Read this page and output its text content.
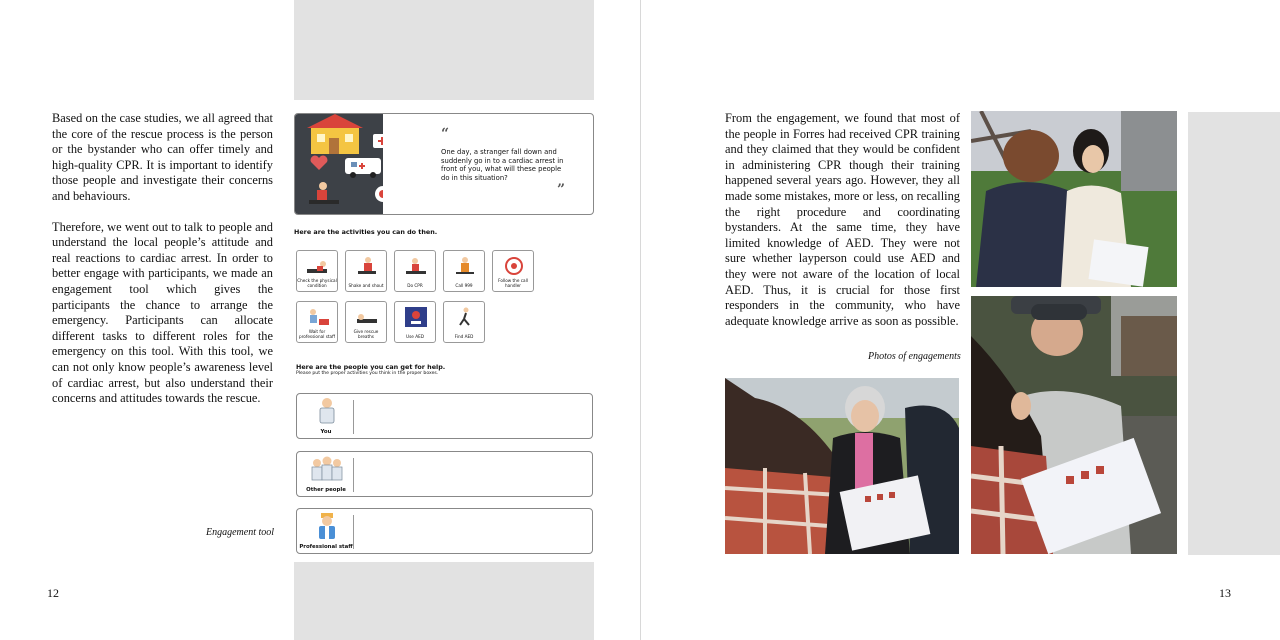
Based on the case studies, we all agreed that the core of the rescue process is the person or the bystander who can offer timely and high-quality CPR. It is important to identify those people and investigate their concerns and behaviours.

Therefore, we went out to talk to people and understand the local people’s attitude and real reactions to cardiac arrest. In order to better engage with participants, we made an engagement tool which gives the participants the chance to arrange the emergency. Participants can allocate different tasks to different roles for the emergency on this tool. With this tool, we can not only know people’s awareness level of cardiac arrest, but also understand their concerns and attitudes towards the rescue.

Engagement tool
12
“
One day, a stranger fall down and suddenly go in to a cardiac arrest in front of you, what will these people do in this situation?
”
Here are the activities you can do then.
Check the physical condition	Shake and shout	Do CPR	Call 999
Follow the call handler
Wait for professional staff
Give rescue breaths	Use AED	Find AED
Here are the people you can get for help.
Please put the proper activities you think in the proper boxes.
You
Other people
Professional staff
From the engagement, we found that most of the people in Forres had received CPR training and they claimed that they would be confident in administering CPR though their training happened several years ago. However, they all made some mistakes, more or less, on recalling the right procedure and coordinating bystanders. At the same time, they have limited knowledge of AED. They were not sure whether layperson could use AED and they were not aware of the location of local AED. Thus, it is crucial for those first responders in the community, who have adequate knowledge arrive as soon as possible.
Photos of engagements
13
